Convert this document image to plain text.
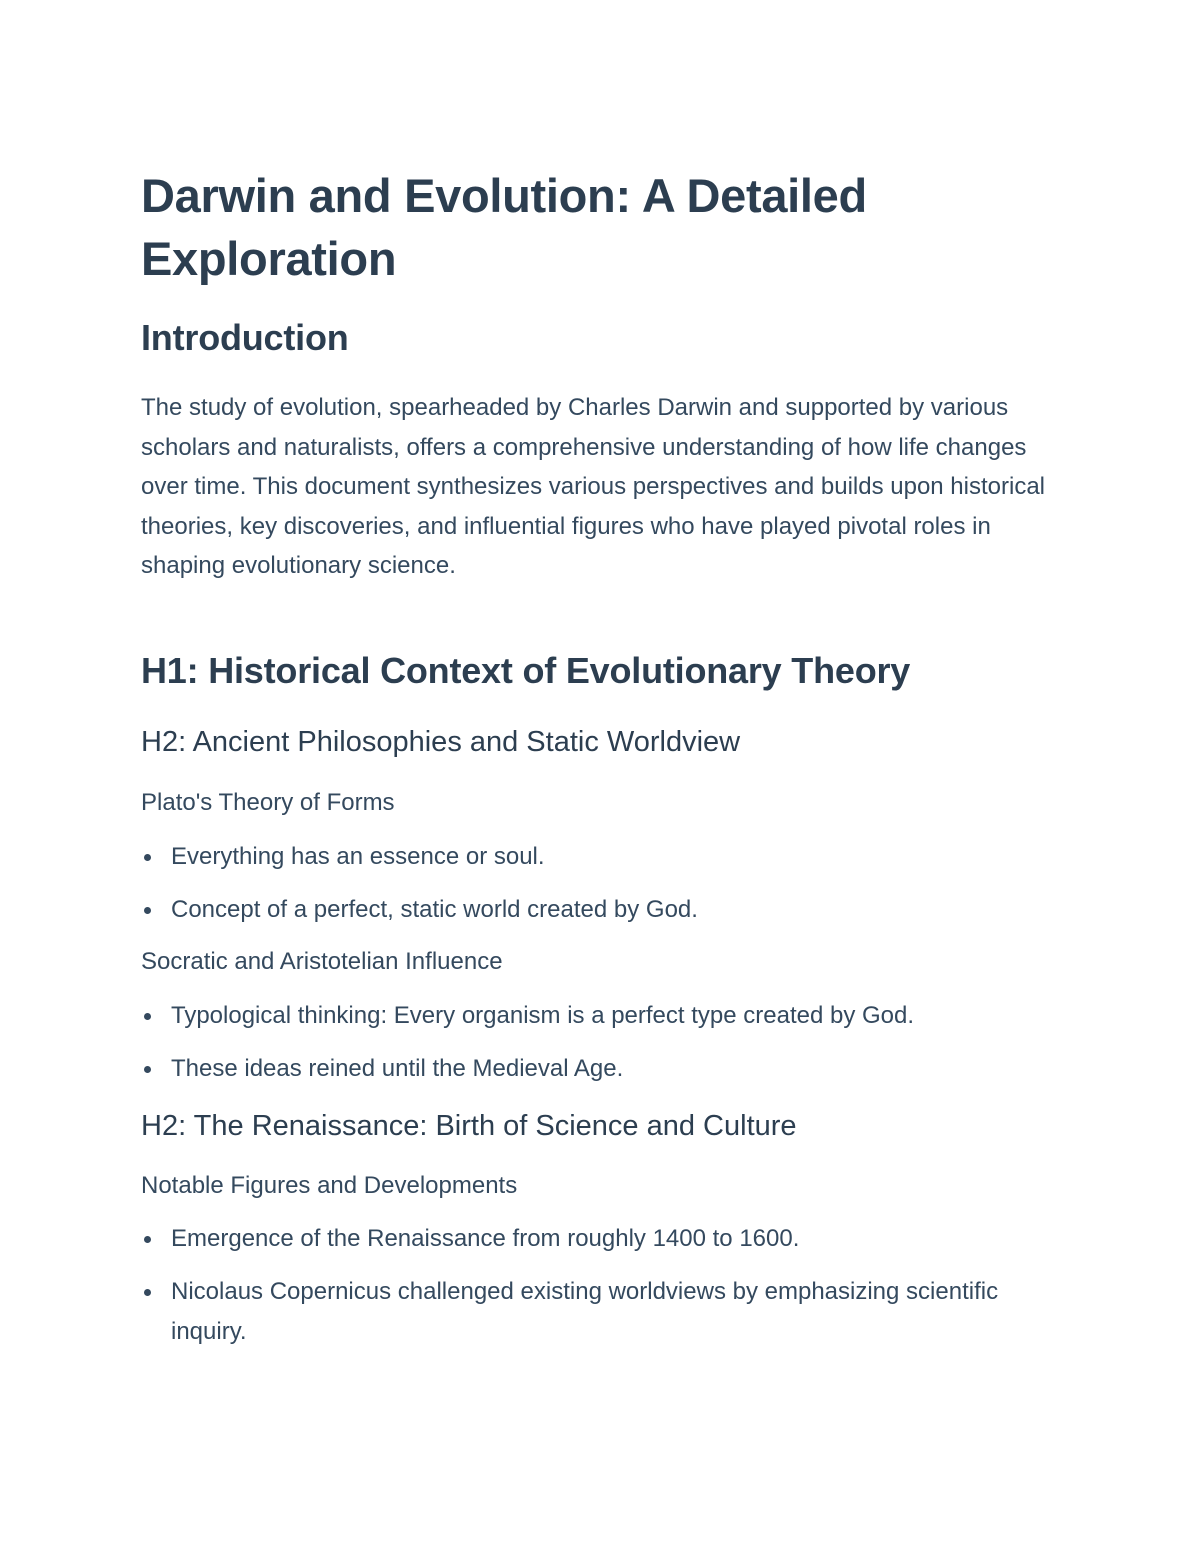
Darwin and Evolution: A Detailed Exploration
Introduction

The study of evolution, spearheaded by Charles Darwin and supported by various scholars and naturalists, offers a comprehensive understanding of how life changes over time. This document synthesizes various perspectives and builds upon historical theories, key discoveries, and influential figures who have played pivotal roles in shaping evolutionary science.

H1: Historical Context of Evolutionary Theory
H2: Ancient Philosophies and Static Worldview
Plato's Theory of Forms
Everything has an essence or soul.
Concept of a perfect, static world created by God.
Socratic and Aristotelian Influence
Typological thinking: Every organism is a perfect type created by God.
These ideas reined until the Medieval Age.
H2: The Renaissance: Birth of Science and Culture
Notable Figures and Developments
Emergence of the Renaissance from roughly 1400 to 1600.
Nicolaus Copernicus challenged existing worldviews by emphasizing scientific inquiry.
